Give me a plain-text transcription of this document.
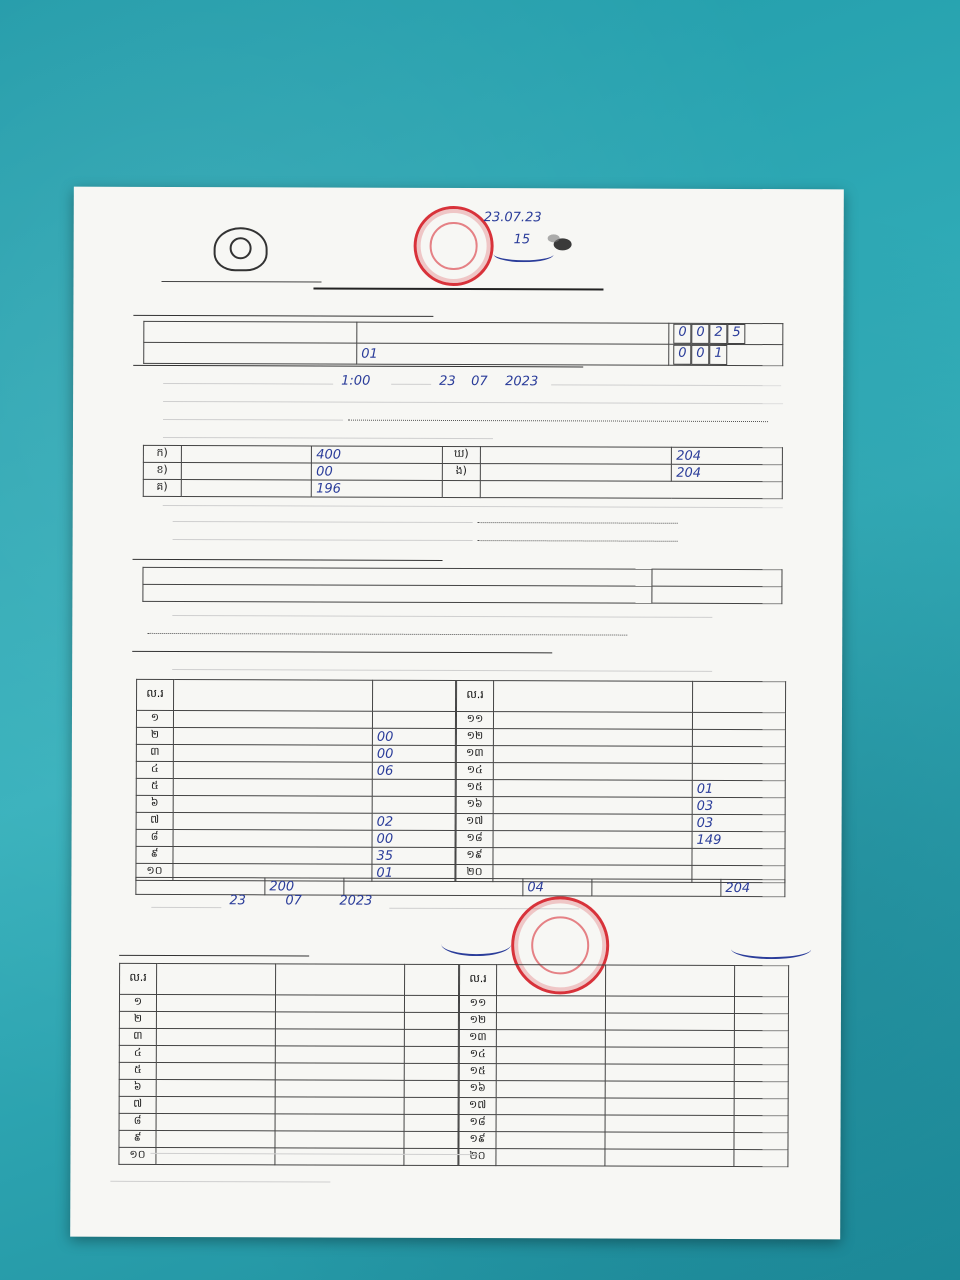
23.07.23
15
		0 0 2 5
	01	0 0 1
1:00	23 07 2023
ក)		400	ឃ)		204
ខ)		00	ង)		204
គ)		196			

ល.រ		
១		
២		00
៣		00
៤		06
៥		
៦		
៧		02
៨		00
៩		35
១០		01
ល.រ		
១១		
១២		
១៣		
១៤		
១៥		01
១៦		03
១៧		03
១៨		149
១៩		
២០		
	200		04		204
23	07	2023
ល.រ			
១			
២			
៣			
៤			
៥			
៦			
៧			
៨			
៩			
១០			
ល.រ			
១១			
១២			
១៣			
១៤			
១៥			
១៦			
១៧			
១៨			
១៩			
២០			
